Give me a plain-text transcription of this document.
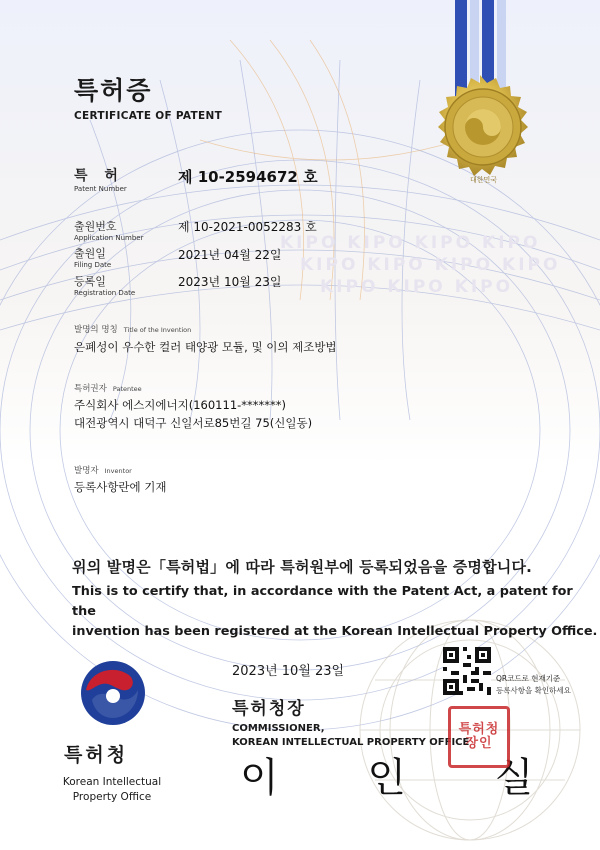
KIPO KIPO KIPO KIPO
KIPO KIPO KIPO KIPO
KIPO KIPO KIPO
대한민국
특허증
CERTIFICATE OF PATENT
특 허
Patent Number
제 10-2594672 호
출원번호
Application Number
제 10-2021-0052283 호
출원일
Filing Date
2021년 04월 22일
등록일
Registration Date
2023년 10월 23일
발명의 명칭 Title of the Invention
은폐성이 우수한 컬러 태양광 모듈, 및 이의 제조방법
특허권자 Patentee
주식회사 에스지에너지(160111-*******)
대전광역시 대덕구 신일서로85번길 75(신일동)
발명자 Inventor
등록사항란에 기재
위의 발명은「특허법」에 따라 특허원부에 등록되었음을 증명합니다.
This is to certify that, in accordance with the Patent Act, a patent for the
invention has been registered at the Korean Intellectual Property Office.
특허청
Korean Intellectual
Property Office
2023년 10월 23일
특허청장
COMMISSIONER,
KOREAN INTELLECTUAL PROPERTY OFFICE
이 인 실
QR코드로 현재기준
등록사항을 확인하세요
특허청장인
